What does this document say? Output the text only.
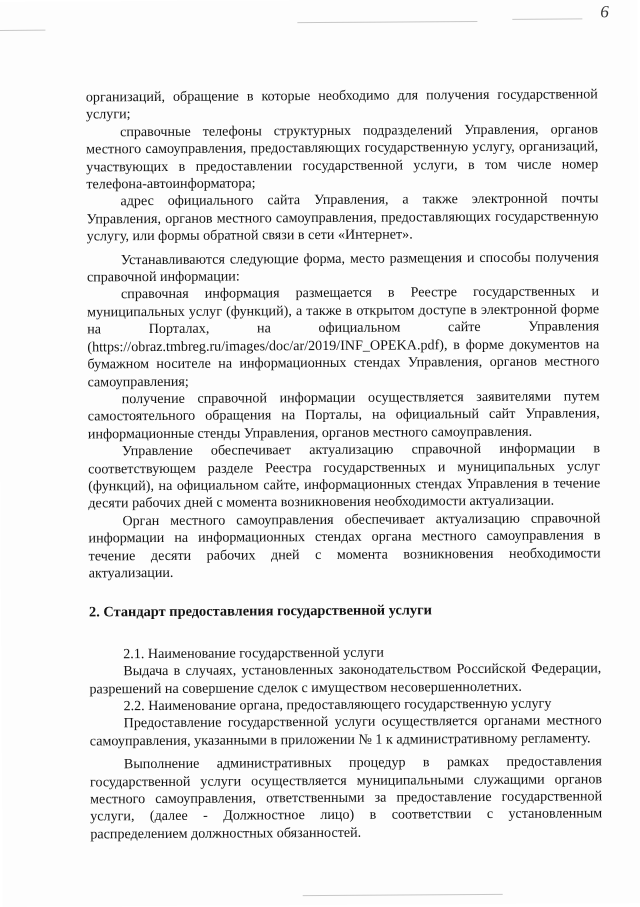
6

организаций, обращение в которые необходимо для получения государственной услуги;

справочные телефоны структурных подразделений Управления, органов местного самоуправления, предоставляющих государственную услугу, организаций, участвующих в предоставлении государственной услуги, в том числе номер телефона-автоинформатора;

адрес официального сайта Управления, а также электронной почты Управления, органов местного самоуправления, предоставляющих государственную услугу, или формы обратной связи в сети «Интернет».

Устанавливаются следующие форма, место размещения и способы получения справочной информации:

справочная информация размещается в Реестре государственных и муниципальных услуг (функций), а также в открытом доступе в электронной форме на Порталах, на официальном сайте Управления (https://obraz.tmbreg.ru/images/doc/ar/2019/INF_OPEKA.pdf), в форме документов на бумажном носителе на информационных стендах Управления, органов местного самоуправления;

получение справочной информации осуществляется заявителями путем самостоятельного обращения на Порталы, на официальный сайт Управления, информационные стенды Управления, органов местного самоуправления.

Управление обеспечивает актуализацию справочной информации в соответствующем разделе Реестра государственных и муниципальных услуг (функций), на официальном сайте, информационных стендах Управления в течение десяти рабочих дней с момента возникновения необходимости актуализации.

Орган местного самоуправления обеспечивает актуализацию справочной информации на информационных стендах органа местного самоуправления в течение десяти рабочих дней с момента возникновения необходимости актуализации.

2. Стандарт предоставления государственной услуги

2.1. Наименование государственной услуги

Выдача в случаях, установленных законодательством Российской Федерации, разрешений на совершение сделок с имуществом несовершеннолетних.

2.2. Наименование органа, предоставляющего государственную услугу

Предоставление государственной услуги осуществляется органами местного самоуправления, указанными в приложении № 1 к административному регламенту.

Выполнение административных процедур в рамках предоставления государственной услуги осуществляется муниципальными служащими органов местного самоуправления, ответственными за предоставление государственной услуги, (далее - Должностное лицо) в соответствии с установленным распределением должностных обязанностей.
